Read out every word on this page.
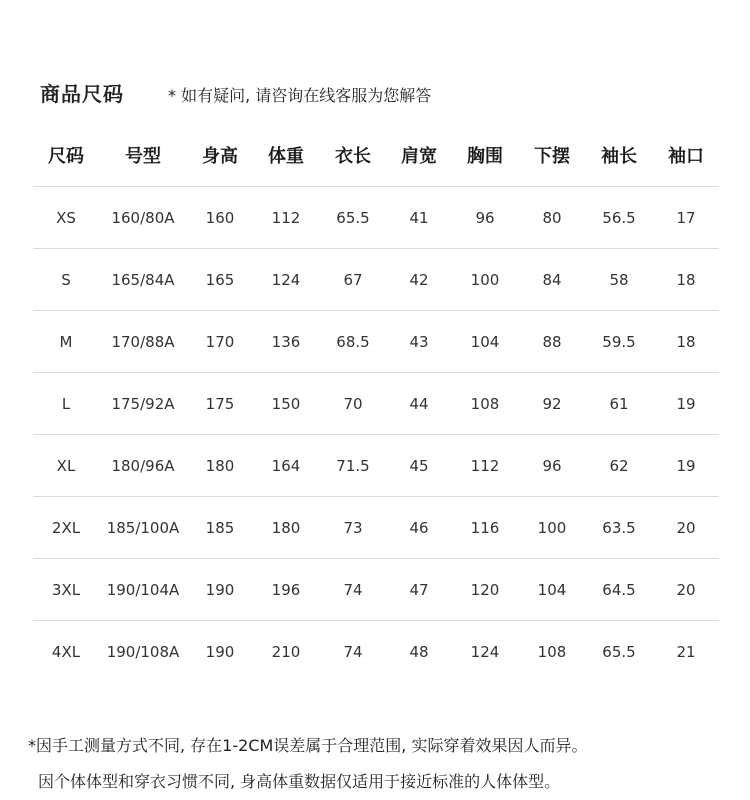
商品尺码	* 如有疑问, 请咨询在线客服为您解答
尺码	号型	身高	体重	衣长	肩宽	胸围	下摆	袖长	袖口
XS	160/80A	160	112	65.5	41	96	80	56.5	17
S	165/84A	165	124	67	42	100	84	58	18
M	170/88A	170	136	68.5	43	104	88	59.5	18
L	175/92A	175	150	70	44	108	92	61	19
XL	180/96A	180	164	71.5	45	112	96	62	19
2XL	185/100A	185	180	73	46	116	100	63.5	20
3XL	190/104A	190	196	74	47	120	104	64.5	20
4XL	190/108A	190	210	74	48	124	108	65.5	21
*因手工测量方式不同, 存在1-2CM误差属于合理范围, 实际穿着效果因人而异。
因个体体型和穿衣习惯不同, 身高体重数据仅适用于接近标准的人体体型。
